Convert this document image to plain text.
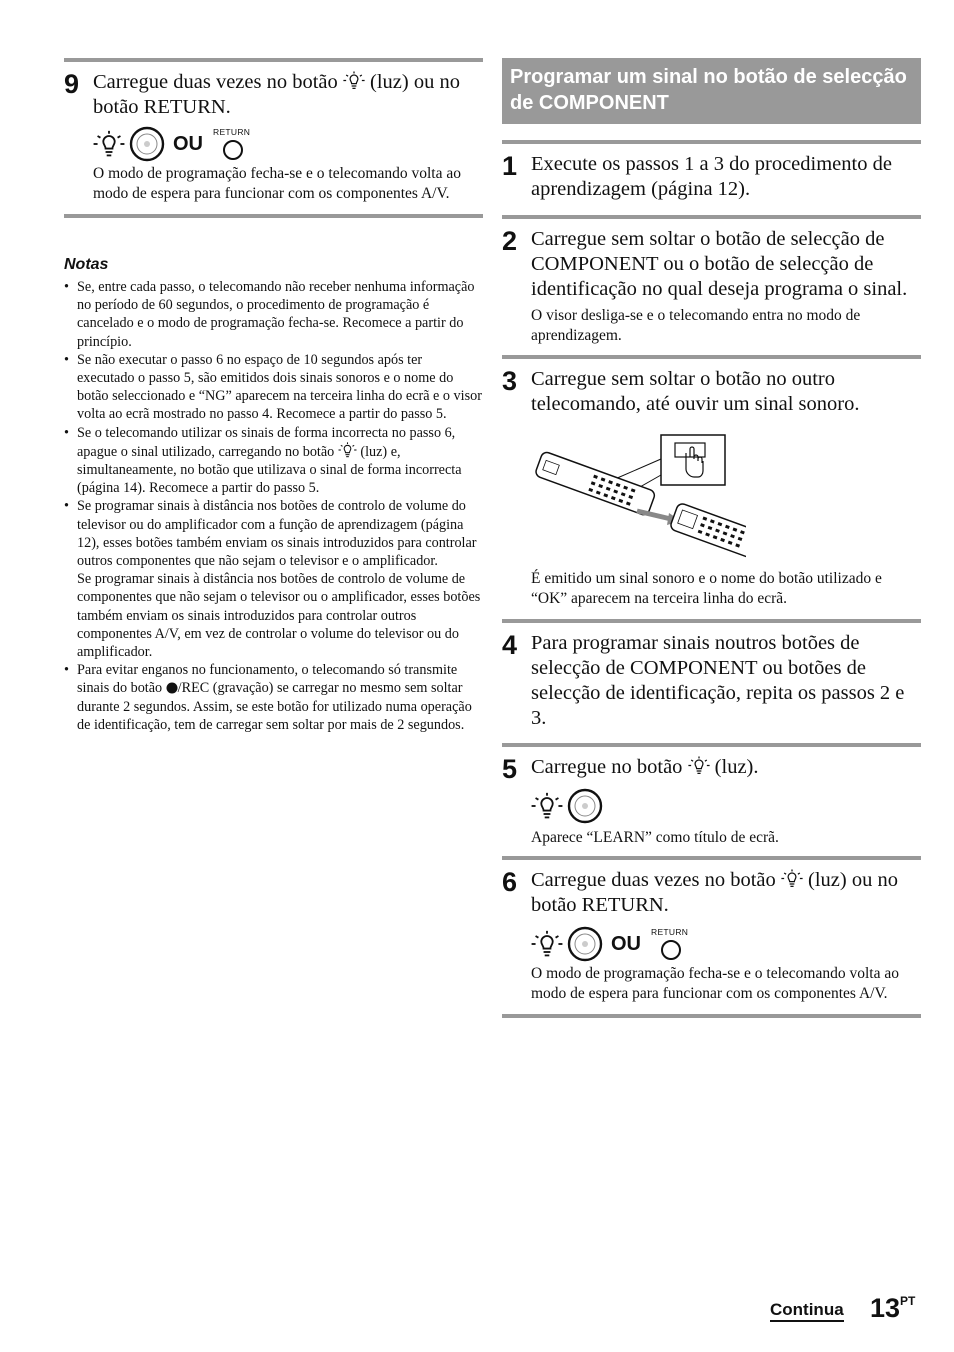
9 Carregue duas vezes no botão (luz) ou no botão RETURN.
OU
RETURN
O modo de programação fecha-se e o telecomando volta ao modo de espera para funcionar com os componentes A/V.
Notas
• Se, entre cada passo, o telecomando não receber nenhuma informação no período de 60 segundos, o procedimento de programação é cancelado e o modo de programação fecha-se. Recomece a partir do princípio.
• Se não executar o passo 6 no espaço de 10 segundos após ter executado o passo 5, são emitidos dois sinais sonoros e o nome do botão seleccionado e “NG” aparecem na terceira linha do ecrã e o visor volta ao ecrã mostrado no passo 4. Recomece a partir do passo 5.
• Se o telecomando utilizar os sinais de forma incorrecta no passo 6, apague o sinal utilizado, carregando no botão (luz) e, simultaneamente, no botão que utilizava o sinal de forma incorrecta (página 14). Recomece a partir do passo 5.
• Se programar sinais à distância nos botões de controlo de volume do televisor ou do amplificador com a função de aprendizagem (página 12), esses botões também enviam os sinais introduzidos para controlar outros componentes que não sejam o televisor e o amplificador.
Se programar sinais à distância nos botões de controlo de volume de componentes que não sejam o televisor ou o amplificador, esses botões também enviam os sinais introduzidos para controlar outros componentes A/V, em vez de controlar o volume do televisor ou do amplificador.
• Para evitar enganos no funcionamento, o telecomando só transmite sinais do botão /REC (gravação) se carregar no mesmo sem soltar durante 2 segundos. Assim, se este botão for utilizado numa operação de identificação, tem de carregar sem soltar por mais de 2 segundos.
Programar um sinal no botão de selecção de COMPONENT
1 Execute os passos 1 a 3 do procedimento de aprendizagem (página 12).
2 Carregue sem soltar o botão de selecção de COMPONENT ou o botão de selecção de identificação no qual deseja programa o sinal.
O visor desliga-se e o telecomando entra no modo de aprendizagem.
3 Carregue sem soltar o botão no outro telecomando, até ouvir um sinal sonoro.
É emitido um sinal sonoro e o nome do botão utilizado e “OK” aparecem na terceira linha do ecrã.
4 Para programar sinais noutros botões de selecção de COMPONENT ou botões de selecção de identificação, repita os passos 2 e 3.
5 Carregue no botão (luz).
Aparece “LEARN” como título de ecrã.
6 Carregue duas vezes no botão (luz) ou no botão RETURN.
OU
RETURN
O modo de programação fecha-se e o telecomando volta ao modo de espera para funcionar com os componentes A/V.
Continua $13^{PT}$
